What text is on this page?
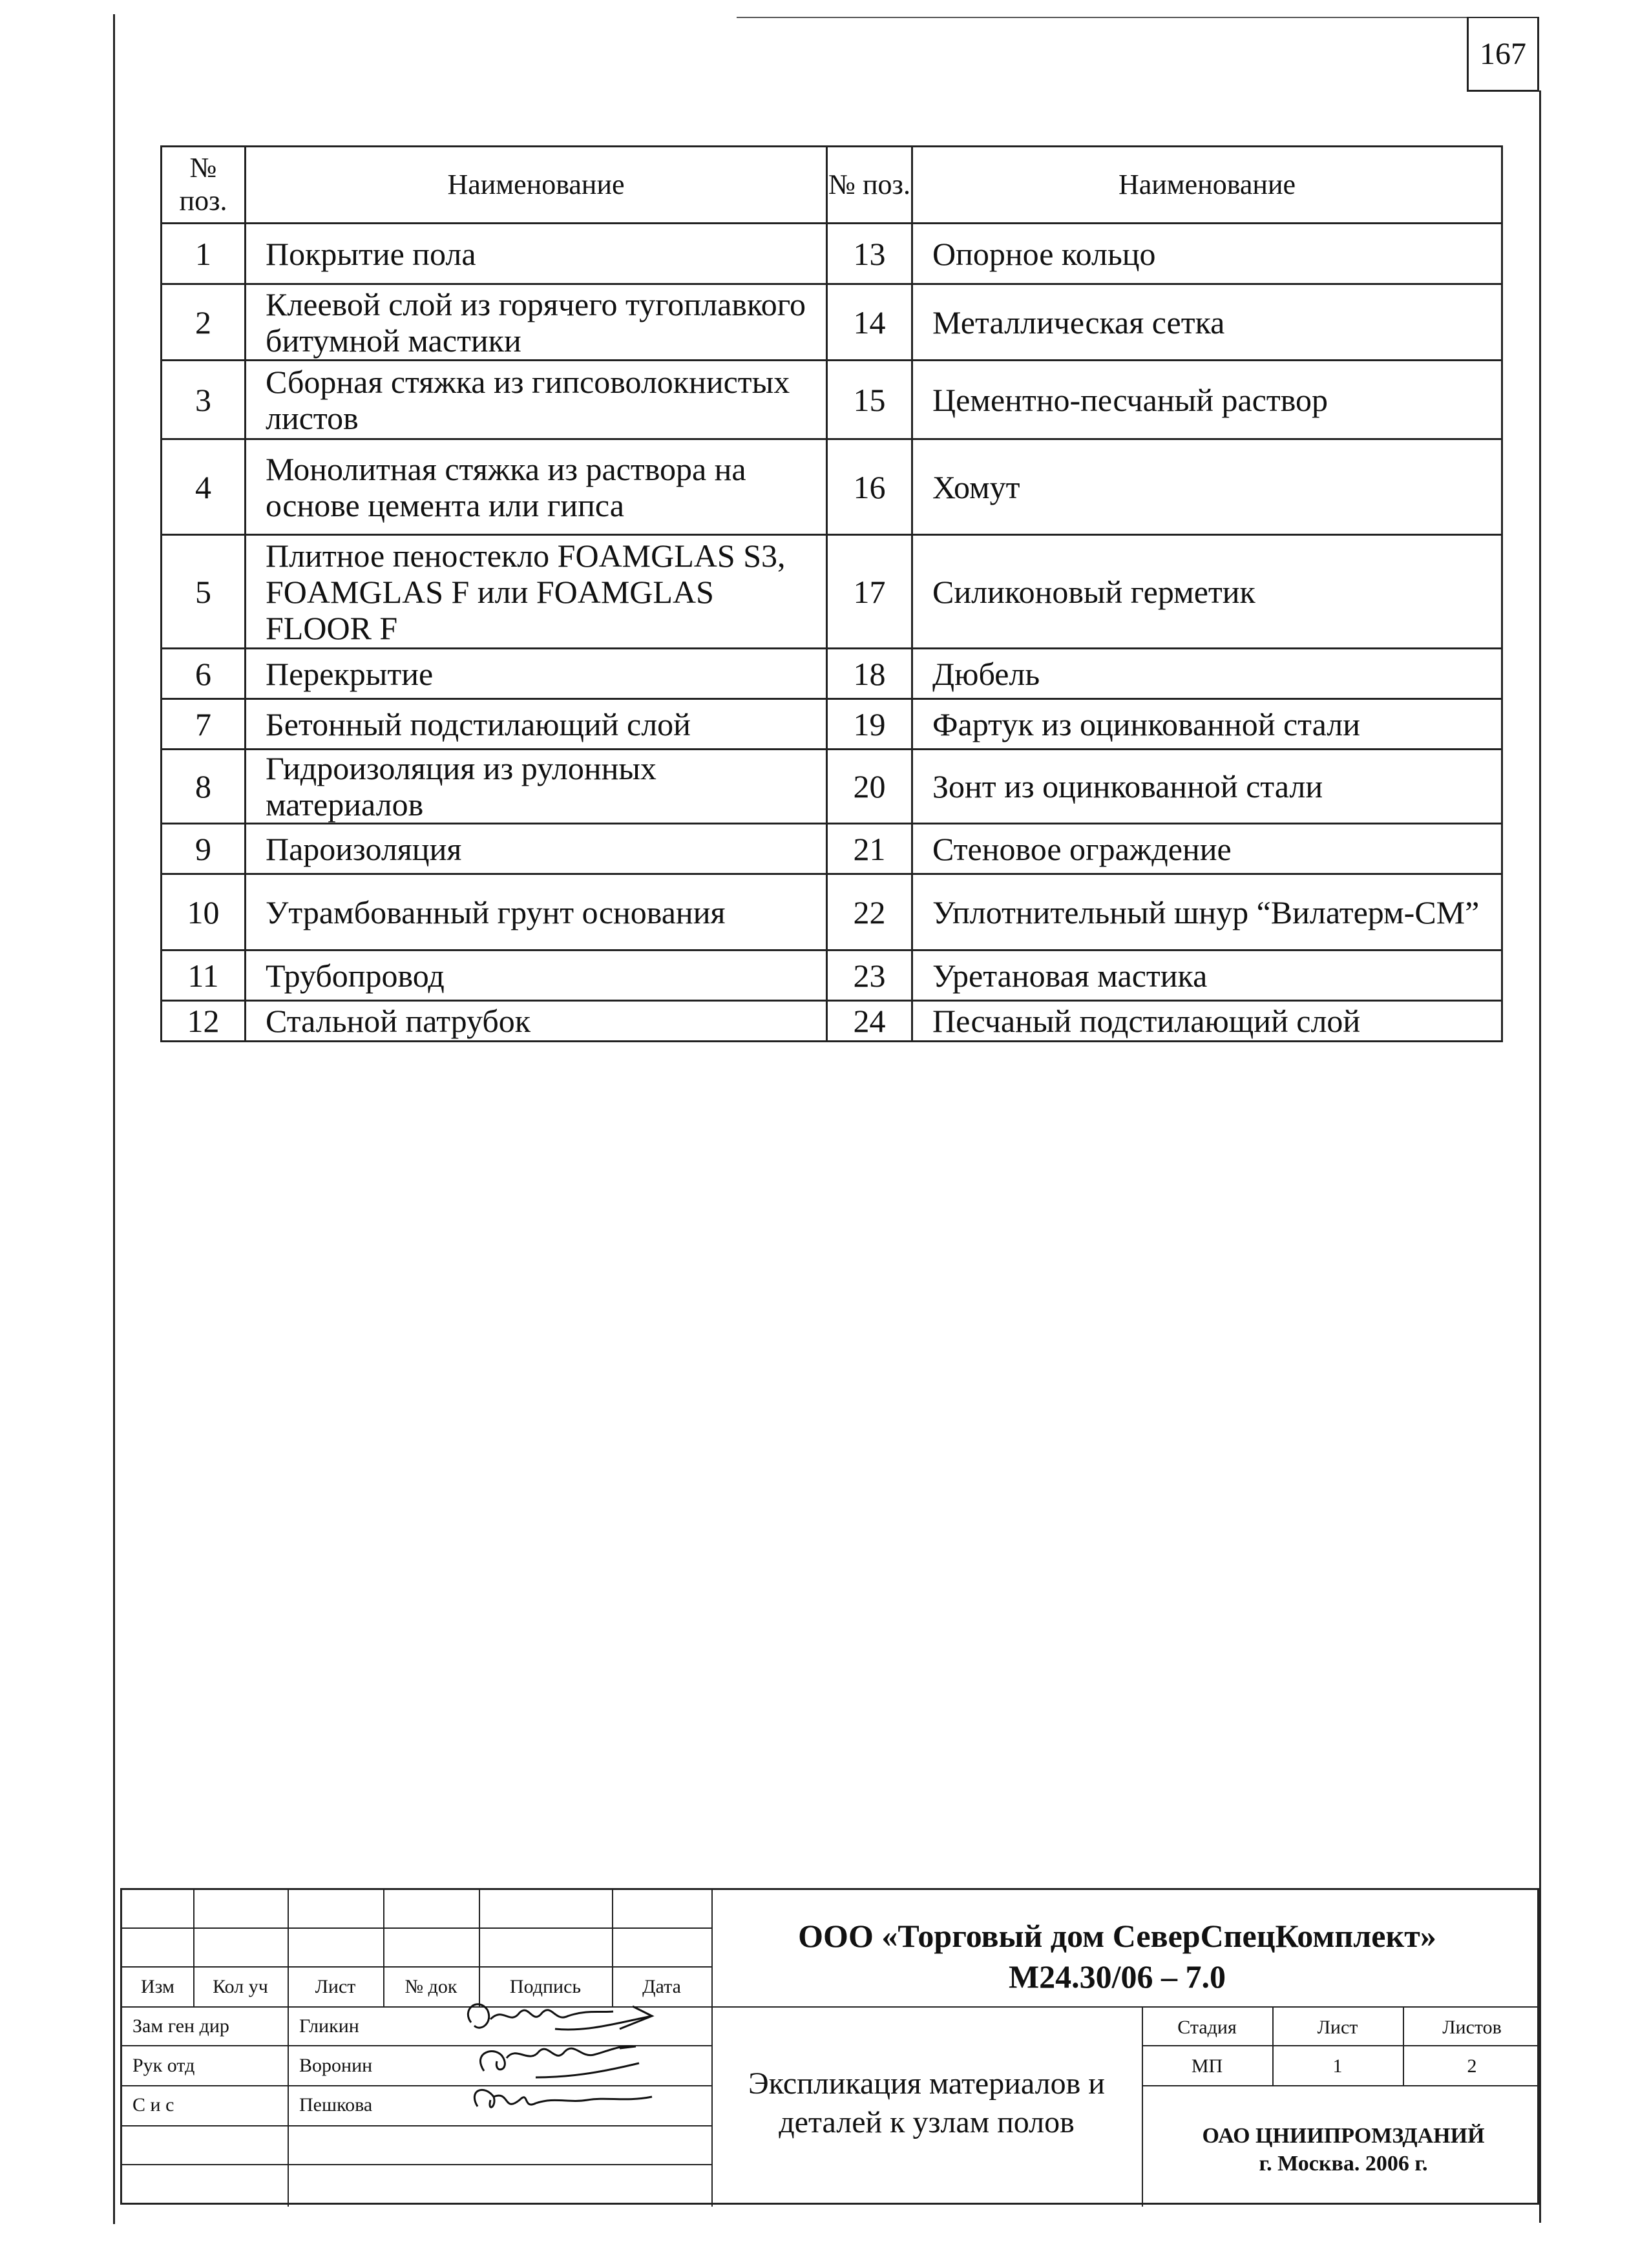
167
№ поз.	Наименование	№ поз.	Наименование
1	Покрытие пола	13	Опорное кольцо
2	Клеевой слой из горячего тугоплавкого битумной мастики	14	Металлическая сетка
3	Сборная стяжка из гипсоволокнистых листов	15	Цементно-песчаный раствор
4	Монолитная стяжка из раствора на основе цемента или гипса	16	Хомут
5	Плитное пеностекло FOAMGLAS S3, FOAMGLAS F или FOAMGLAS FLOOR F	17	Силиконовый герметик
6	Перекрытие	18	Дюбель
7	Бетонный подстилающий слой	19	Фартук из оцинкованной стали
8	Гидроизоляция из рулонных материалов	20	Зонт из оцинкованной стали
9	Пароизоляция	21	Стеновое ограждение
10	Утрамбованный грунт основания	22	Уплотнительный шнур “Вилатерм-СМ”
11	Трубопровод	23	Уретановая мастика
12	Стальной патрубок	24	Песчаный подстилающий слой
Изм	Кол уч	Лист	№ док	Подпись	Дата
Зам ген дир	Гликин
Рук отд	Воронин
С и с	Пешкова
ООО «Торговый дом СеверСпецКомплект»
М24.30/06 – 7.0
Экспликация материалов и деталей к узлам полов
Стадия	Лист	Листов
МП	1	2
ОАО ЦНИИПРОМЗДАНИЙ
г. Москва. 2006 г.
